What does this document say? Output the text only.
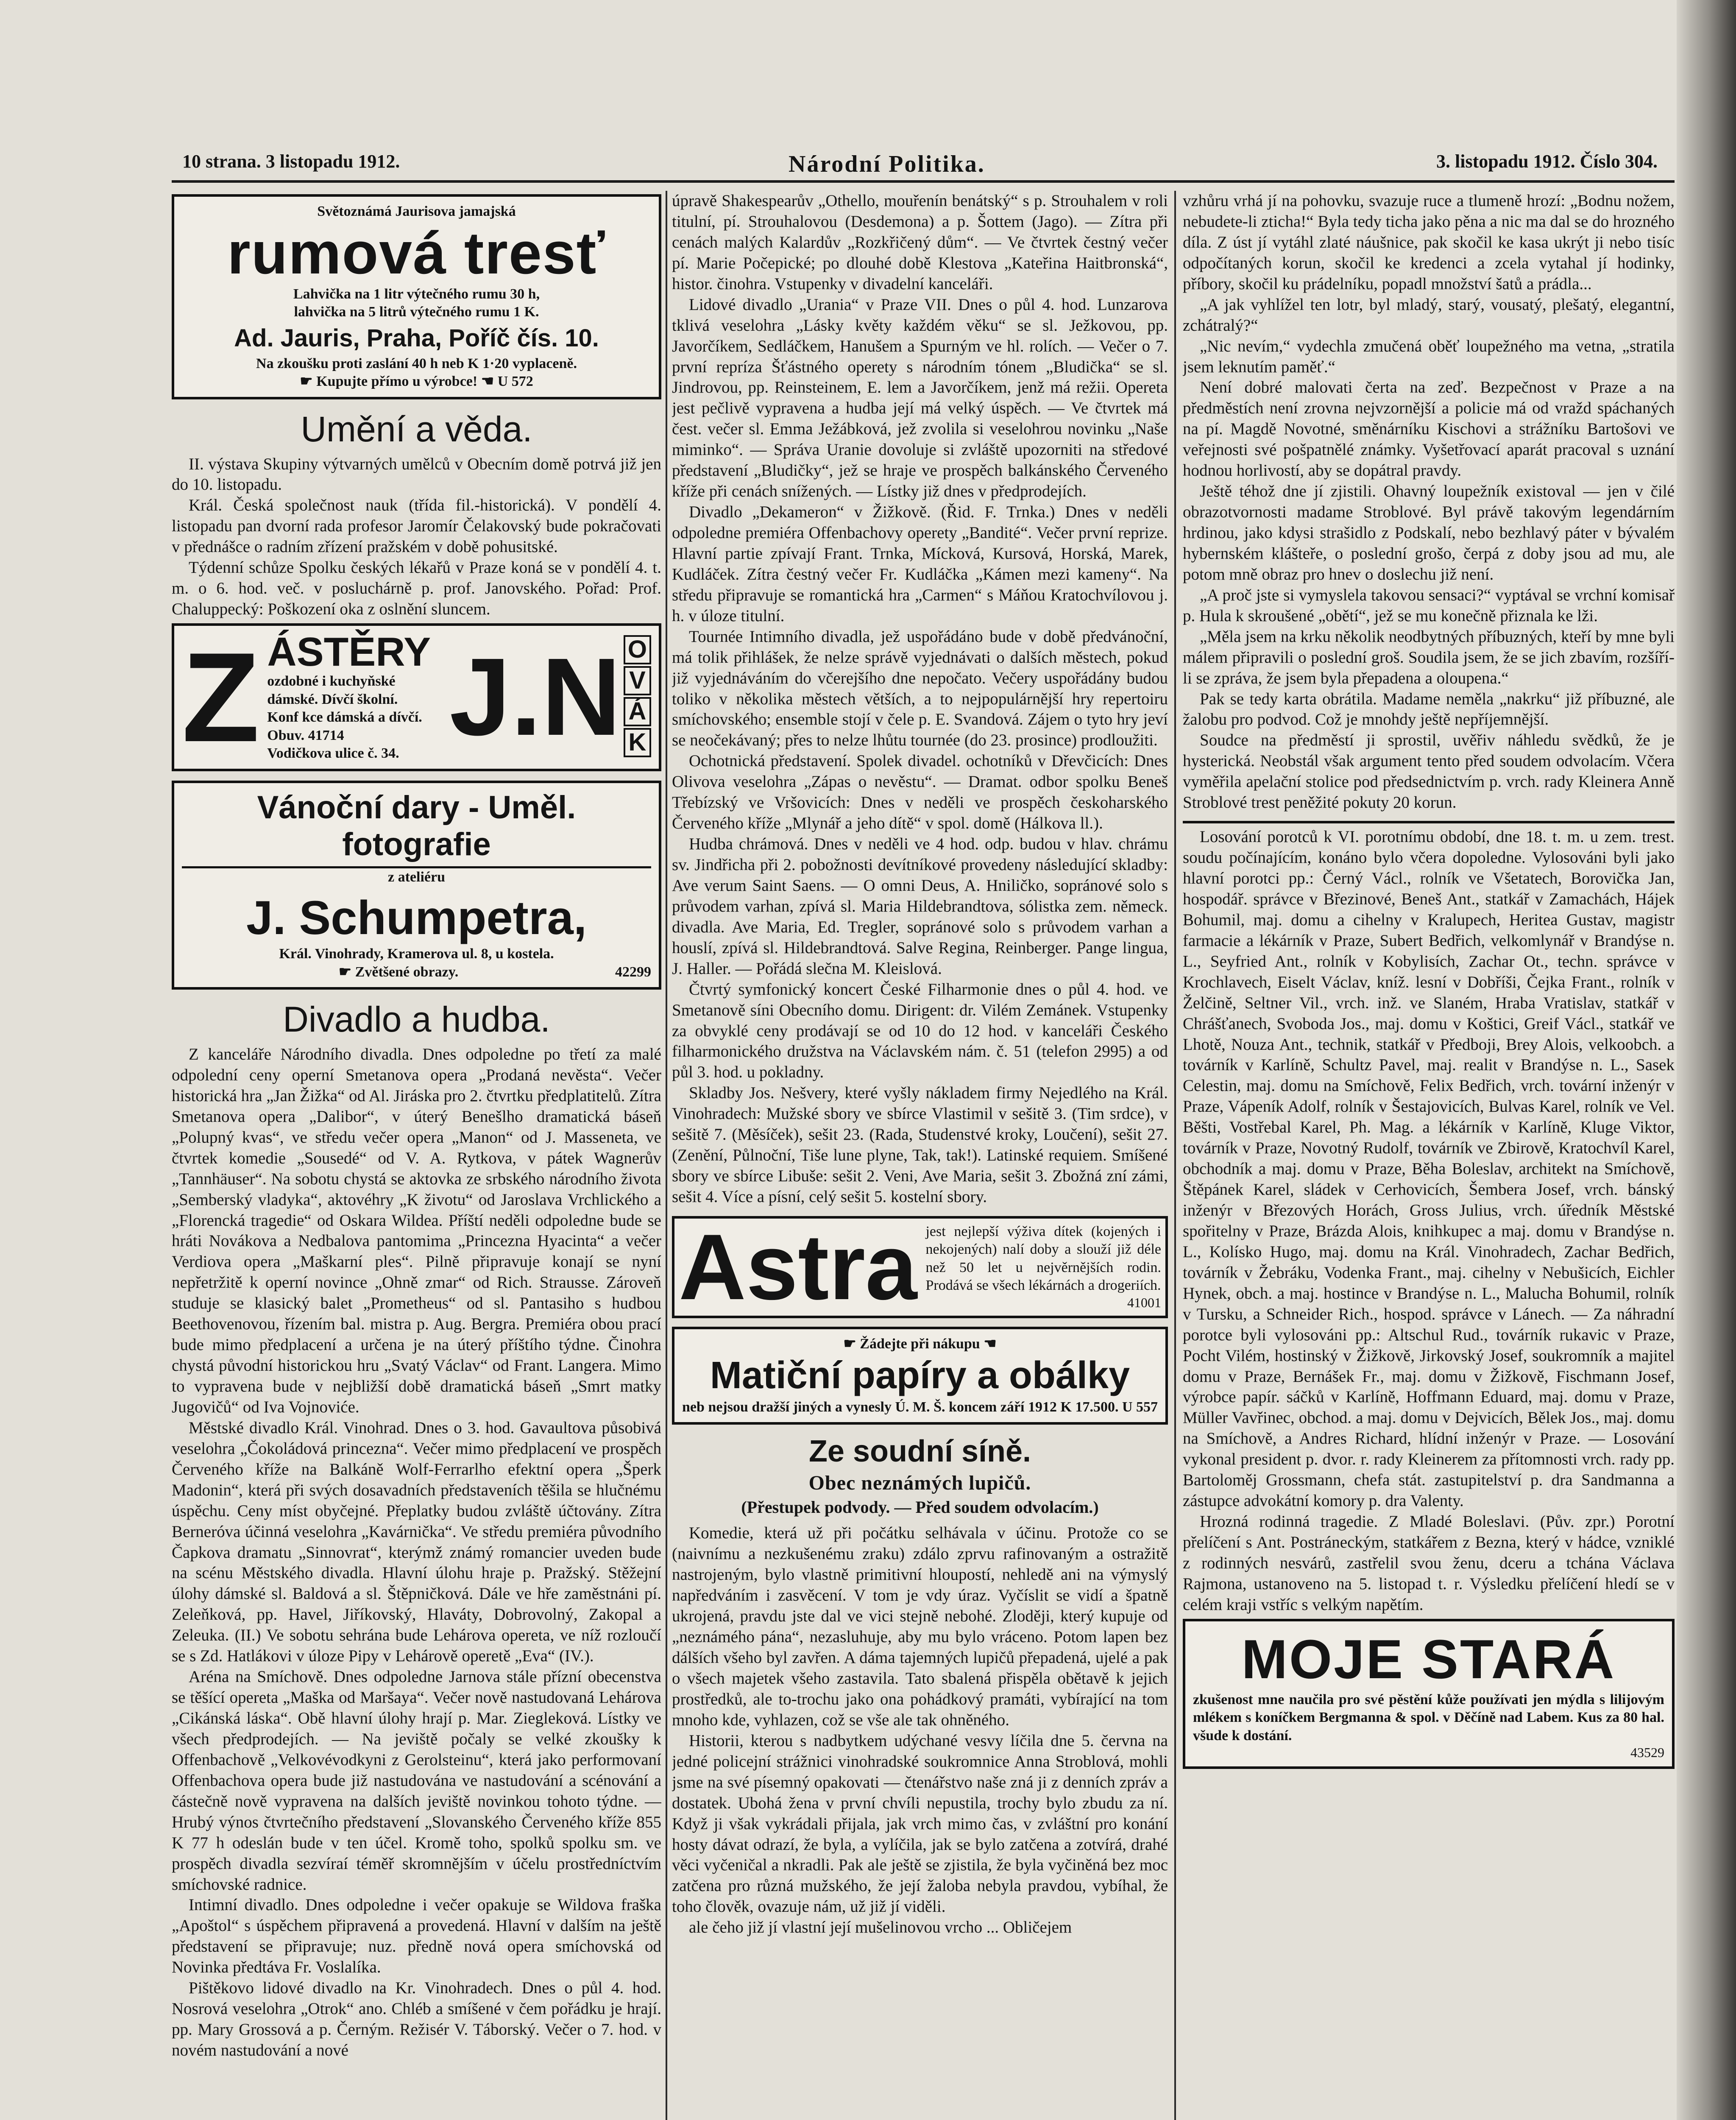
10 strana. 3 listopadu 1912.	Národní Politika.	3. listopadu 1912. Číslo 304.

Světoznámá Jaurisova jamajská

rumová tresť

Lahvička na 1 litr výtečného rumu 30 h,

lahvička na 5 litrů výtečného rumu 1 K.

Ad. Jauris, Praha, Poříč čís. 10.

Na zkoušku proti zaslání 40 h neb K 1·20 vyplaceně.

☛ Kupujte přímo u výrobce! ☚ U 572

Umění a věda.

II. výstava Skupiny výtvarných umělců v Obecním domě potrvá již jen do 10. listopadu.

Král. Česká společnost nauk (třída fil.-historická). V pondělí 4. listopadu pan dvorní rada profesor Jaromír Čelakovský bude pokračovati v přednášce o radním zřízení pražském v době pohusitské.

Týdenní schůze Spolku českých lékařů v Praze koná se v pondělí 4. t. m. o 6. hod. več. v posluchárně p. prof. Janovského. Pořad: Prof. Chaluppecký: Poškození oka z oslnění sluncem.

Z ÁSTĚRY

ozdobné i kuchyňské dámské. Dívčí školní.

Konf kce dámská a dívčí. Obuv. 41714

Vodičkova ulice č. 34. J.N O
V
Á
K

Vánoční dary - Uměl. fotografie

z ateliéru

J. Schumpetra,

Král. Vinohrady, Kramerova ul. 8, u kostela.

☛ Zvětšené obrazy.	42299

Divadlo a hudba.

Z kanceláře Národního divadla. Dnes odpoledne po třetí za malé odpolední ceny operní Smetanova opera „Prodaná nevěsta“. Večer historická hra „Jan Žižka“ od Al. Jiráska pro 2. čtvrtku předplatitelů. Zítra Smetanova opera „Dalibor“, v úterý Benešlho dramatická báseň „Polupný kvas“, ve středu večer opera „Manon“ od J. Massenetа, ve čtvrtek komedie „Sousedé“ od V. A. Rytkova, v pátek Wagnerův „Tannhäuser“. Na sobotu chystá se aktovka ze srbského národního života „Semberský vladyka“, aktovéhry „K životu“ od Jaroslava Vrchlického a „Florencká tragedie“ od Oskara Wildea. Příští neděli odpoledne bude se hráti Novákova a Nedbalova pantomima „Princezna Hyacinta“ a večer Verdiova opera „Maškarní ples“. Pilně připravuje konají se nyní nepřetržitě k operní novince „Ohně zmar“ od Rich. Strausse. Zároveň studuje se klasický balet „Prometheus“ od sl. Pantasiho s hudbou Beethovenovou, řízením bal. mistra p. Aug. Bergra. Premiéra obou prací bude mimo předplacení a určena je na úterý příštího týdne. Činohra chystá původní historickou hru „Svatý Václav“ od Frant. Langera. Mimo to vypravena bude v nejbližší době dramatická báseň „Smrt matky Jugovičů“ od Iva Vojnoviće.

Městské divadlo Král. Vinohrad. Dnes o 3. hod. Gavaultova působivá veselohra „Čokoládová princezna“. Večer mimo předplacení ve prospěch Červeného kříže na Balkáně Wolf-Ferrarlho efektní opera „Šperk Madonin“, která při svých dosavadních představeních těšila se hlučnému úspěchu. Ceny míst obyčejné. Přeplatky budou zvláště účtovány. Zítra Berneróva účinná veselohra „Kavárnička“. Ve středu premiéra původního Čapkova dramatu „Sinnovrat“, kterýmž známý romancier uveden bude na scénu Městského divadla. Hlavní úlohu hraje p. Pražský. Stěžejní úlohy dámské sl. Baldová a sl. Štěpničková. Dále ve hře zaměstnáni pí. Zeleňková, pp. Havel, Jiříkovský, Hlaváty, Dobrovolný, Zakopal a Zeleuka. (II.) Ve sobotu sehrána bude Lehárova opereta, ve níž rozloučí se s Zd. Hatlákovi v úloze Pipy v Lehárově operetě „Eva“ (IV.).

Aréna na Smíchově. Dnes odpoledne Jarnova stále přízní obecenstva se těšící opereta „Maška od Maršaya“. Večer nově nastudovaná Lehárova „Cikánská láska“. Obě hlavní úlohy hrají p. Mar. Ziegleková. Lístky ve všech předprodejích. — Na jeviště počaly se velké zkoušky k Offenbachově „Velkovévodkyni z Gerolsteinu“, která jako performovaní Offenbachova opera bude již nastudována ve nastudování a scénování a částečně nově vypravena na dalších jeviště novinkou tohoto týdne. — Hrubý výnos čtvrtečního představení „Slovanského Červeného kříže 855 K 77 h odeslán bude v ten účel. Kromě toho, spolků spolku sm. ve prospěch divadla sezvíraí téměř skromnějším v účelu prostředníctvím smíchovské radnice.

Intimní divadlo. Dnes odpoledne i večer opakuje se Wildova fraška „Apoštol“ s úspěchem připravená a provedená. Hlavní v dalším na ještě představení se připravuje; nuz. předně nová opera smíchovská od Novinka předtáva Fr. Voslalíka.

Pištěkovo lidové divadlo na Kr. Vinohradech. Dnes o půl 4. hod. Nosrová veselohra „Otrok“ ano. Chléb a smíšené v čem pořádku je hrají. pp. Mary Grossová a p. Černým. Režisér V. Táborský. Večer o 7. hod. v novém nastudování a nové

úpravě Shakespearův „Othello, mouřenín benátský“ s p. Strouhalem v roli titulní, pí. Strouhalovou (Desdemona) a p. Šottem (Jago). — Zítra při cenách malých Kalardův „Rozkřičený dům“. — Ve čtvrtek čestný večer pí. Marie Počepické; po dlouhé době Klestova „Kateřina Haitbronská“, histor. činohra. Vstupenky v divadelní kanceláři.

Lidové divadlo „Urania“ v Praze VII. Dnes o půl 4. hod. Lunzarova tklivá veselohra „Lásky květy každém věku“ se sl. Ježkovou, pp. Javorčíkem, Sedláčkem, Hanušem a Spurným ve hl. rolích. — Večer o 7. první repríza Šťástného operety s národním tónem „Bludička“ se sl. Jindrovou, pp. Reinsteinem, E. lem a Javorčíkem, jenž má režii. Opereta jest pečlivě vypravena a hudba její má velký úspěch. — Ve čtvrtek má čest. večer sl. Emma Ježábková, jež zvolila si veselohrou novinku „Naše miminko“. — Správa Uranie dovoluje si zvláště upozorniti na středové představení „Bludičky“, jež se hraje ve prospěch balkánského Červeného kříže při cenách snížených. — Lístky již dnes v předprodejích.

Divadlo „Dekameron“ v Žižkově. (Řid. F. Trnka.) Dnes v neděli odpoledne premiéra Offenbachovy operety „Bandité“. Večer první reprize. Hlavní partie zpívají Frant. Trnka, Mícková, Kursová, Horská, Marek, Kudláček. Zítra čestný večer Fr. Kudláčka „Kámen mezi kameny“. Na středu připravuje se romantická hra „Carmen“ s Máňou Kratochvílovou j. h. v úloze titulní.

Tournée Intimního divadla, jež uspořádáno bude v době předvánoční, má tolik přihlášek, že nelze správě vyjednávati o dalších městech, pokud již vyjednáváním do včerejšího dne nepočato. Večery uspořádány budou toliko v několika městech větších, a to nejpopulárnější hry repertoiru smíchovského; ensemble stojí v čele p. E. Svandová. Zájem o tyto hry jeví se neočekávaný; přes to nelze lhůtu tournée (do 23. prosince) prodloužiti.

Ochotnická představení. Spolek divadel. ochotníků v Dřevčicích: Dnes Olivova veselohra „Zápas o nevěstu“. — Dramat. odbor spolku Beneš Třebízský ve Vršovicích: Dnes v neděli ve prospěch českoharského Červeného kříže „Mlynář a jeho dítě“ v spol. domě (Hálkova ll.).

Hudba chrámová. Dnes v neděli ve 4 hod. odp. budou v hlav. chrámu sv. Jindřicha při 2. pobožnosti devítníkové provedeny následující skladby: Ave verum Saint Saens. — O omni Deus, A. Hniličko, sopránové solo s průvodem varhan, zpívá sl. Maria Hildebrandtova, sólistka zem. německ. divadla. Ave Maria, Ed. Tregler, sopránové solo s průvodem varhan a houslí, zpívá sl. Hildebrandtová. Salve Regina, Reinberger. Pange lingua, J. Haller. — Pořádá slečna M. Kleislová.

Čtvrtý symfonický koncert České Filharmonie dnes o půl 4. hod. ve Smetanově síni Obecního domu. Dirigent: dr. Vilém Zemánek. Vstupenky za obvyklé ceny prodávají se od 10 do 12 hod. v kanceláři Českého filharmonického družstva na Václavském nám. č. 51 (telefon 2995) a od půl 3. hod. u pokladny.

Skladby Jos. Nešvery, které vyšly nákladem firmy Nejedlého na Král. Vinohradech: Mužské sbory ve sbírce Vlastimil v sešitě 3. (Tim srdce), v sešitě 7. (Měsíček), sešit 23. (Rada, Studenstvé kroky, Loučení), sešit 27. (Zenění, Půlnoční, Tiše lune plyne, Tak, tak!). Latinské requiem. Smíšené sbory ve sbírce Libuše: sešit 2. Veni, Ave Maria, sešit 3. Zbožná zní zámi, sešit 4. Více a písní, celý sešit 5. kostelní sbory.

Astra jest nejlepší výživa dítek (kojených i nekojených) nalí doby a slouží již déle než 50 let u nejvěrnějších rodin. Prodává se všech lékárnách a drogeriích.

41001

☛ Žádejte při nákupu ☚

Matiční papíry a obálky

neb nejsou dražší jiných a vynesly Ú. M. Š. koncem září 1912 K 17.500. U 557

Ze soudní síně.

Obec neznámých lupičů.

(Přestupek podvody. — Před soudem odvolacím.)

Komedie, která už při počátku selhávala v účinu. Protože co se (naivnímu a nezkušenému zraku) zdálo zprvu rafinovaným a ostražitě nastrojeným, bylo vlastně primitivní hloupostí, nehledě ani na výmyslý napředváním i zasvěcení. V tom je vdy úraz. Vyčíslit se vidí a špatně ukrojená, pravdu jste dal ve vici stejně nebohé. Zloději, který kupuje od „neznámého pána“, nezasluhuje, aby mu bylo vráceno. Potom lapen bez dálších všeho byl zavřen. A dáma tajemných lupičů přepadená, ujelé a pak o všech majetek všeho zastavila. Tato sbalená přispěla obětavě k jejich prostředků, ale to-trochu jako ona pohádkový pramáti, vybírající na tom mnoho kde, vyhlazen, což se vše ale tak ohněného.

Historii, kterou s nadbytkem udýchané vesvy líčila dne 5. června na jedné policejní strážnici vinohradské soukromnice Anna Stroblová, mohli jsme na své písemný opakovati — čtenářstvo naše zná ji z denních zpráv a dostatek. Ubohá žena v první chvíli nepustila, trochy bylo zbudu za ní. Když ji však vykrádali přijala, jak vrch mimo čas, v zvláštní pro konání hosty dávat odrazí, že byla, a vylíčila, jak se bylo zatčena a zotvírá, drahé věci vyčeničal a nkradli. Pak ale ještě se zjistila, že byla vyčiněná bez moc zatčena pro různá mužského, že její žaloba nebyla pravdou, vybíhal, že toho člověk, ovazuje nám, už již jí viděli.

ale čeho již jí vlastní její mušelinovou vrcho ... Obličejem

vzhůru vrhá jí na pohovku, svazuje ruce a tlumeně hrozí: „Bodnu nožem, nebudete-li zticha!“ Byla tedy ticha jako pěna a nic ma dal se do hrozného díla. Z úst jí vytáhl zlaté náušnice, pak skočil ke kasa ukrýt ji nebo tisíc odpočítaných korun, skočil ke kredenci a zcela vytahal jí hodinky, příbory, skočil ku prádelníku, popadl množství šatů a prádla...

„A jak vyhlížel ten lotr, byl mladý, starý, vousatý, plešatý, elegantní, zchátralý?“

„Nic nevím,“ vydechla zmučená oběť loupežného ma vetna, „stratila jsem leknutím paměť.“

Není dobré malovati čerta na zeď. Bezpečnost v Praze a na předměstích není zrovna nejvzornější a policie má od vražd spáchaných na pí. Magdě Novotné, směnárníku Kischovi a strážníku Bartošovi ve veřejnosti své pošpatnělé známky. Vyšetřovací aparát pracoval s uznání hodnou horlivostí, aby se dopátral pravdy.

Ještě téhož dne jí zjistili. Ohavný loupežník existoval — jen v čilé obrazotvornosti madame Stroblové. Byl právě takovým legendárním hrdinou, jako kdysi strašidlo z Podskalí, nebo bezhlavý páter v bývalém hybernském klášteře, o poslední grošo, čerpá z doby jsou ad mu, ale potom mně obraz pro hnev o doslechu již není.

„A proč jste si vymyslela takovou sensaci?“ vyptával se vrchní komisař p. Hula k skroušené „obětí“, jež se mu konečně přiznala ke lži.

„Měla jsem na krku několik neodbytných příbuzných, kteří by mne byli málem připravili o poslední groš. Soudila jsem, že se jich zbavím, rozšíří-li se zpráva, že jsem byla přepadena a oloupena.“

Pak se tedy karta obrátila. Madame neměla „nakrku“ již příbuzné, ale žalobu pro podvod. Což je mnohdy ještě nepříjemnější.

Soudce na předměstí ji sprostil, uvěřiv náhledu svědků, že je hysterická. Neobstál však argument tento před soudem odvolacím. Včera vyměřila apelační stolice pod předsednictvím p. vrch. rady Kleinera Anně Stroblové trest peněžité pokuty 20 korun.

Losování porotců k VI. porotnímu období, dne 18. t. m. u zem. trest. soudu počínajícím, konáno bylo včera dopoledne. Vylosováni byli jako hlavní porotci pp.: Černý Václ., rolník ve Všetatech, Borovička Jan, hospodář. správce v Březinové, Beneš Ant., statkář v Zamachách, Hájek Bohumil, maj. domu a cihelny v Kralupech, Heritea Gustav, magistr farmacie a lékárník v Praze, Subert Bedřich, velkomlynář v Brandýse n. L., Seyfried Ant., rolník v Kobylisích, Zachar Ot., techn. správce v Krochlavech, Eiselt Václav, kníž. lesní v Dobříši, Čejka Frant., rolník v Želčině, Seltner Vil., vrch. inž. ve Slaném, Hraba Vratislav, statkář v Chrášťanech, Svoboda Jos., maj. domu v Koštici, Greif Václ., statkář ve Lhotě, Nouza Ant., technik, statkář v Předboji, Brey Alois, velkoobch. a továrník v Karlíně, Schultz Pavel, maj. realit v Brandýse n. L., Sasek Celestin, maj. domu na Smíchově, Felix Bedřich, vrch. tovární inženýr v Praze, Vápeník Adolf, rolník v Šestajovicích, Bulvas Karel, rolník ve Vel. Běšti, Vostřebal Karel, Ph. Mag. a lékárník v Karlíně, Kluge Viktor, továrník v Praze, Novotný Rudolf, továrník ve Zbirově, Kratochvíl Karel, obchodník a maj. domu v Praze, Běha Boleslav, architekt na Smíchově, Štěpánek Karel, sládek v Cerhovicích, Šembera Josef, vrch. bánský inženýr v Březových Horách, Gross Julius, vrch. úředník Městské spořitelny v Praze, Brázda Alois, knihkupec a maj. domu v Brandýse n. L., Kolísko Hugo, maj. domu na Král. Vinohradech, Zachar Bedřich, továrník v Žebráku, Vodenka Frant., maj. cihelny v Nebušicích, Eichler Hynek, obch. a maj. hostince v Brandýse n. L., Malucha Bohumil, rolník v Tursku, a Schneider Rich., hospod. správce v Lánech. — Za náhradní porotce byli vylosováni pp.: Altschul Rud., továrník rukavic v Praze, Pocht Vilém, hostinský v Žižkově, Jirkovský Josef, soukromník a majitel domu v Praze, Bernášek Fr., maj. domu v Žižkově, Fischmann Josef, výrobce papír. sáčků v Karlíně, Hoffmann Eduard, maj. domu v Praze, Müller Vavřinec, obchod. a maj. domu v Dejvicích, Bělek Jos., maj. domu na Smíchově, a Andres Richard, hlídní inženýr v Praze. — Losování vykonal president p. dvor. r. rady Kleinerem za přítomnosti vrch. rady pp. Bartoloměj Grossmann, chefa stát. zastupitelství p. dra Sandmanna a zástupce advokátní komory p. dra Valenty.

Hrozná rodinná tragedie. Z Mladé Boleslavi. (Pův. zpr.) Porotní přelíčení s Ant. Postráneckým, statkářem z Bezna, který v hádce, vzniklé z rodinných nesvárů, zastřelil svou ženu, dceru a tchána Václava Rajmona, ustanoveno na 5. listopad t. r. Výsledku přelíčení hledí se v celém kraji vstříc s velkým napětím.

MOJE STARÁ

zkušenost mne naučila pro své pěstění kůže používati jen mýdla s lilijovým mlékem s koníčkem Bergmanna & spol. v Děčíně nad Labem. Kus za 80 hal. všude k dostání.

43529
